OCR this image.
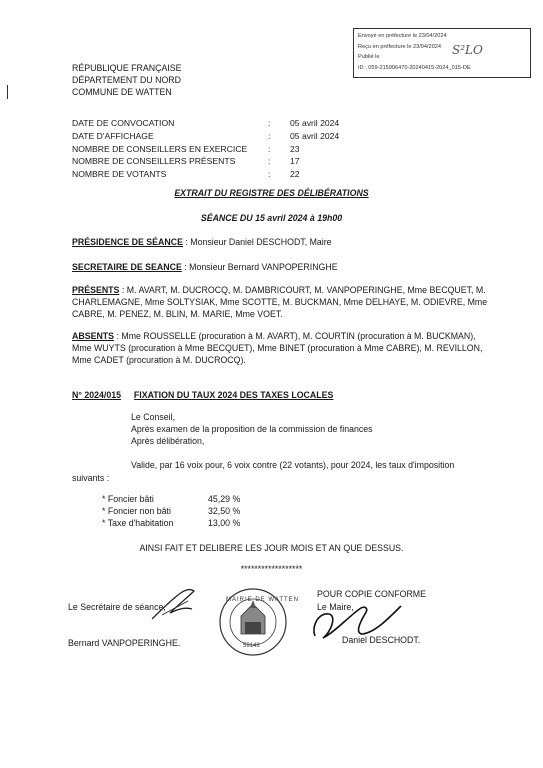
Envoyé en préfecture le 23/04/2024
Reçu en préfecture le 23/04/2024
Publié le
ID : 059-215906470-20240415-2024_015-DE
S²LO
RÉPUBLIQUE FRANÇAISE
DÉPARTEMENT DU NORD
COMMUNE DE WATTEN
DATE DE CONVOCATION	:	05 avril 2024
DATE D'AFFICHAGE	:	05 avril 2024
NOMBRE DE CONSEILLERS EN EXERCICE	:	23
NOMBRE DE CONSEILLERS PRÉSENTS	:	17
NOMBRE DE VOTANTS	:	22
EXTRAIT DU REGISTRE DES DÉLIBÉRATIONS
SÉANCE DU 15 avril 2024 à 19h00
PRÉSIDENCE DE SÉANCE : Monsieur Daniel DESCHODT, Maire
SECRETAIRE DE SEANCE : Monsieur Bernard VANPOPERINGHE
PRÉSENTS : M. AVART, M. DUCROCQ, M. DAMBRICOURT, M. VANPOPERINGHE, Mme BECQUET, M.
CHARLEMAGNE, Mme SOLTYSIAK, Mme SCOTTE, M. BUCKMAN, Mme DELHAYE, M. ODIEVRE, Mme
CABRE, M. PENEZ, M. BLIN, M. MARIE, Mme VOET.
ABSENTS : Mme ROUSSELLE (procuration à M. AVART), M. COURTIN (procuration à M. BUCKMAN),
Mme WUYTS (procuration à Mme BECQUET), Mme BINET (procuration à Mme CABRE), M. REVILLON,
Mme CADET (procuration à M. DUCROCQ).
N° 2024/015 FIXATION DU TAUX 2024 DES TAXES LOCALES
Le Conseil,
Après examen de la proposition de la commission de finances
Après délibération,
Valide, par 16 voix pour, 6 voix contre (22 votants), pour 2024, les taux d'imposition
suivants :
* Foncier bâti	45,29 %
* Foncier non bâti	32,50 %
* Taxe d'habitation	13,00 %
AINSI FAIT ET DELIBERE LES JOUR MOIS ET AN QUE DESSUS.
******************
Le Secrétaire de séance,
Bernard VANPOPERINGHE.
MAIRIE DE WATTEN
59143
POUR COPIE CONFORME
Le Maire,
Daniel DESCHODT.
